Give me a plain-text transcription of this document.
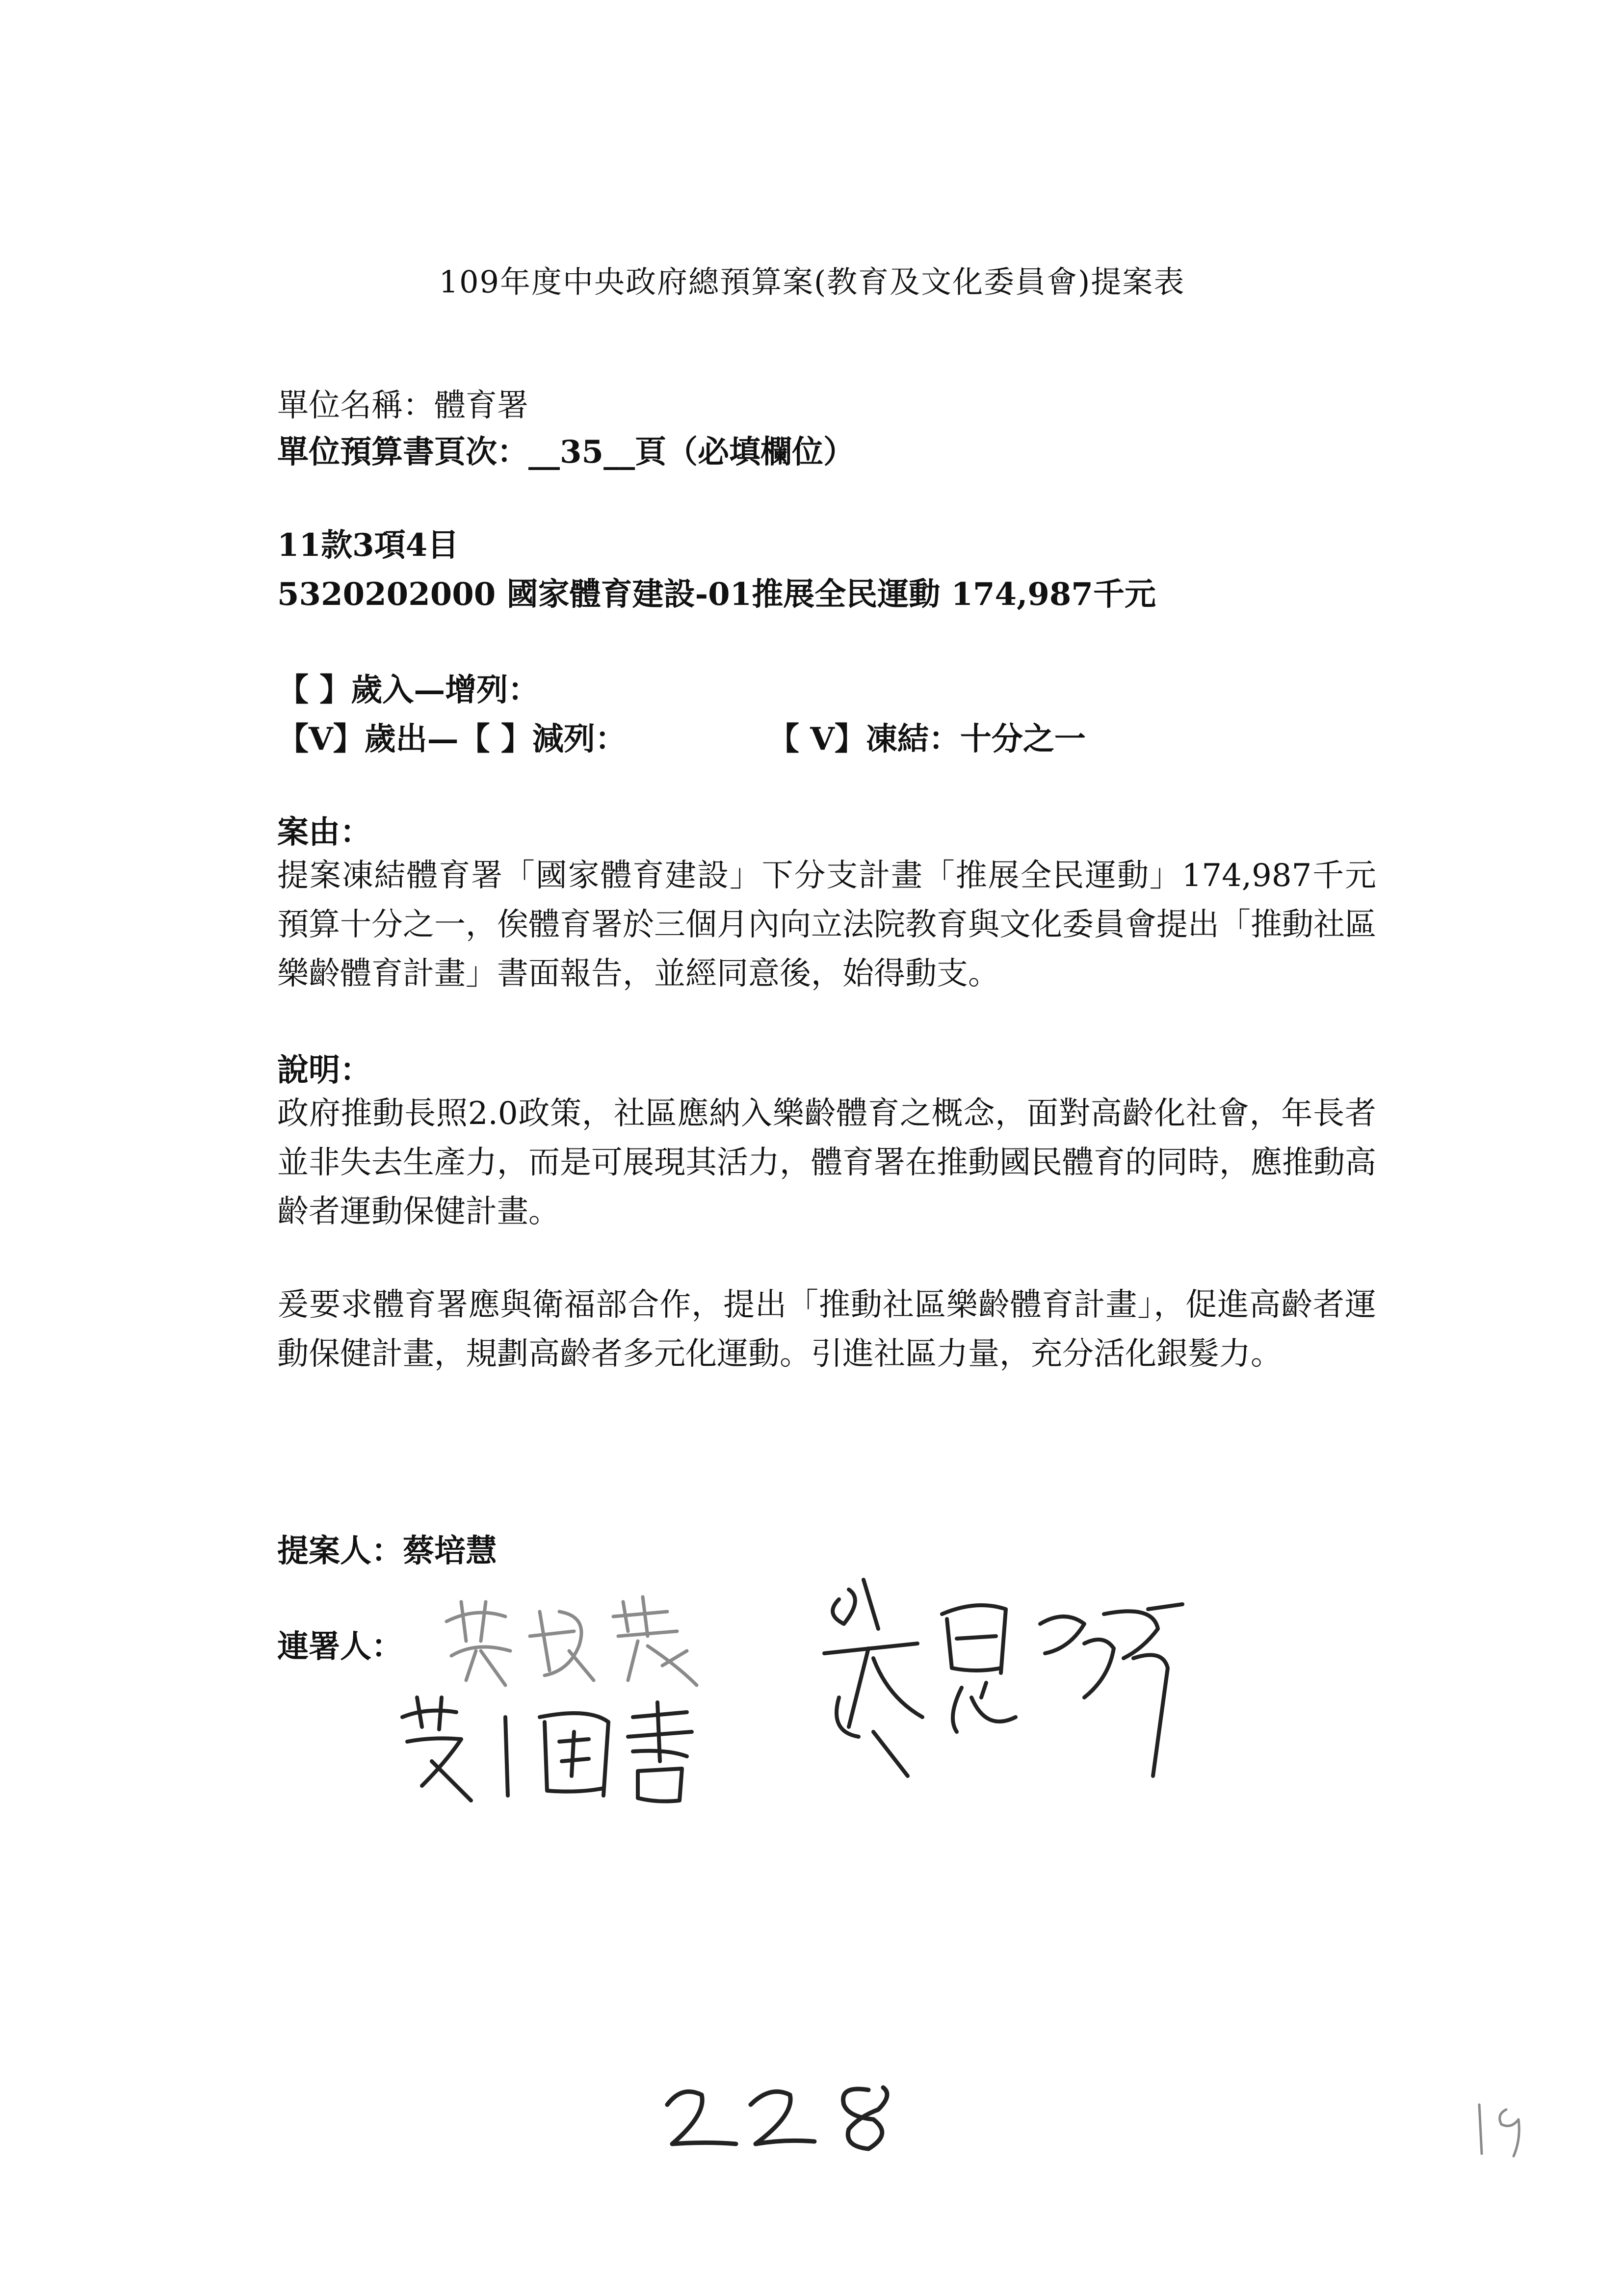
109年度中央政府總預算案(教育及文化委員會)提案表
單位名稱：體育署
單位預算書頁次：__35__頁（必填欄位）
11款3項4目
5320202000 國家體育建設-01推展全民運動 174,987千元
【 】歲入—增列：
【V】歲出—【 】減列：	【 V】凍結：十分之一
案由：
提案凍結體育署「國家體育建設」下分支計畫「推展全民運動」174,987千元預算十分之一，俟體育署於三個月內向立法院教育與文化委員會提出「推動社區樂齡體育計畫」書面報告，並經同意後，始得動支。
說明：
政府推動長照2.0政策，社區應納入樂齡體育之概念，面對高齡化社會，年長者並非失去生產力，而是可展現其活力，體育署在推動國民體育的同時，應推動高齡者運動保健計畫。
爰要求體育署應與衛福部合作，提出「推動社區樂齡體育計畫」，促進高齡者運動保健計畫，規劃高齡者多元化運動。引進社區力量，充分活化銀髮力。
提案人：蔡培慧
連署人：
